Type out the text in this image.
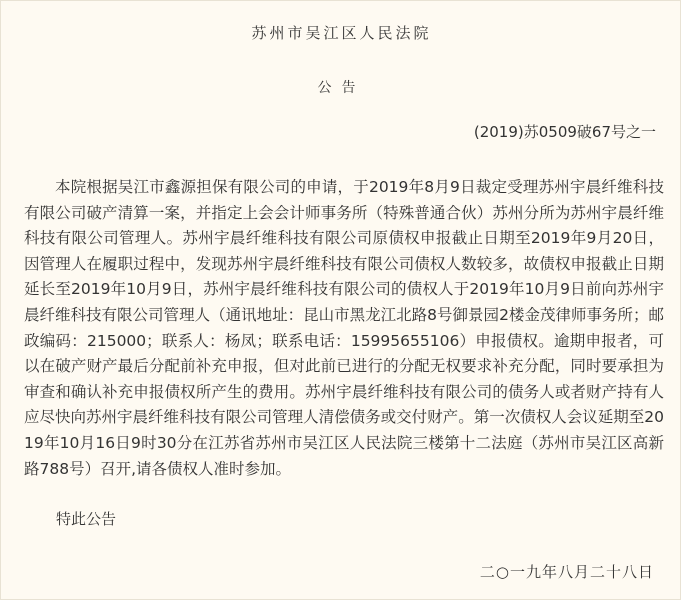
苏州市吴江区人民法院
公告
(2019)苏0509破67号之一

本院根据吴江市鑫源担保有限公司的申请，于2019年8月9日裁定受理苏州宇晨纤维科技有限公司破产清算一案，并指定上会会计师事务所（特殊普通合伙）苏州分所为苏州宇晨纤维科技有限公司管理人。苏州宇晨纤维科技有限公司原债权申报截止日期至2019年9月20日，因管理人在履职过程中，发现苏州宇晨纤维科技有限公司债权人数较多，故债权申报截止日期延长至2019年10月9日，苏州宇晨纤维科技有限公司的债权人于2019年10月9日前向苏州宇晨纤维科技有限公司管理人（通讯地址：昆山市黑龙江北路8号御景园2楼金茂律师事务所；邮政编码：215000；联系人：杨凤；联系电话：15995655106）申报债权。逾期申报者，可以在破产财产最后分配前补充申报，但对此前已进行的分配无权要求补充分配，同时要承担为审查和确认补充申报债权所产生的费用。苏州宇晨纤维科技有限公司的债务人或者财产持有人应尽快向苏州宇晨纤维科技有限公司管理人清偿债务或交付财产。第一次债权人会议延期至2019年10月16日9时30分在江苏省苏州市吴江区人民法院三楼第十二法庭（苏州市吴江区高新路788号）召开,请各债权人准时参加。

特此公告
二○一九年八月二十八日
